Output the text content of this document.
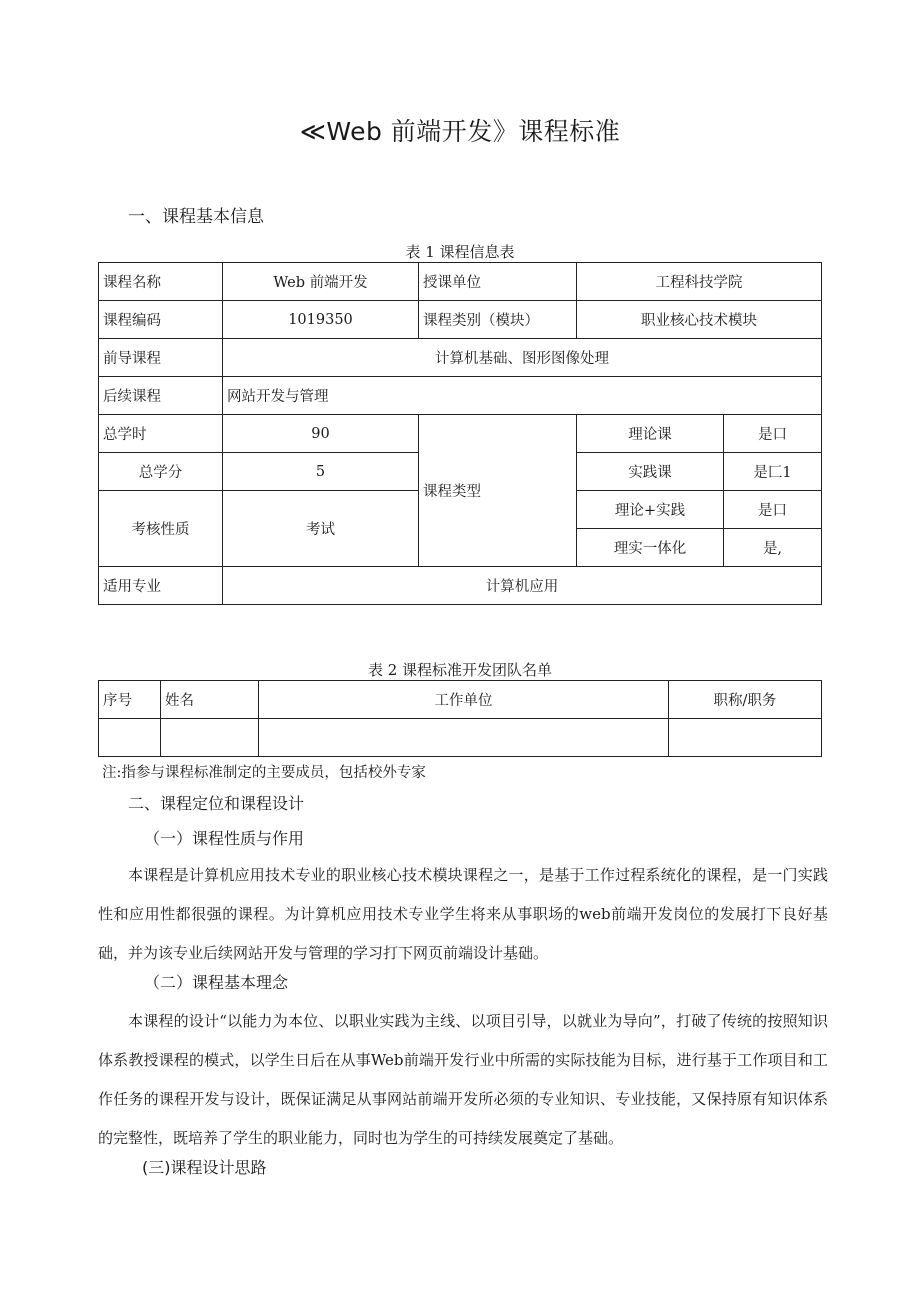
≪Web 前端开发》课程标准
一、课程基本信息
表 1 课程信息表
课程名称	Web 前端开发	授课单位	工程科技学院	
课程编码	1019350	课程类别（模块）	职业核心技术模块	
前导课程	计算机基础、图形图像处理			
后续课程	网站开发与管理			
总学时	90	课程类型	理论课	是口
总学分	5		实践课	是匚1
考核性质	考试		理论+实践	是口
			理实一体化	是,
适用专业	计算机应用			
表 2 课程标准开发团队名单
序号	姓名	工作单位	职称/职务

注:指参与课程标准制定的主要成员，包括校外专家
二、课程定位和课程设计
（一）课程性质与作用
本课程是计算机应用技术专业的职业核心技术模块课程之一，是基于工作过程系统化的课程，是一门实践性和应用性都很强的课程。为计算机应用技术专业学生将来从事职场的web前端开发岗位的发展打下良好基础，并为该专业后续网站开发与管理的学习打下网页前端设计基础。
（二）课程基本理念
本课程的设计“以能力为本位、以职业实践为主线、以项目引导，以就业为导向”，打破了传统的按照知识体系教授课程的模式，以学生日后在从事Web前端开发行业中所需的实际技能为目标，进行基于工作项目和工作任务的课程开发与设计，既保证满足从事网站前端开发所必须的专业知识、专业技能，又保持原有知识体系的完整性，既培养了学生的职业能力，同时也为学生的可持续发展奠定了基础。
(三)课程设计思路
